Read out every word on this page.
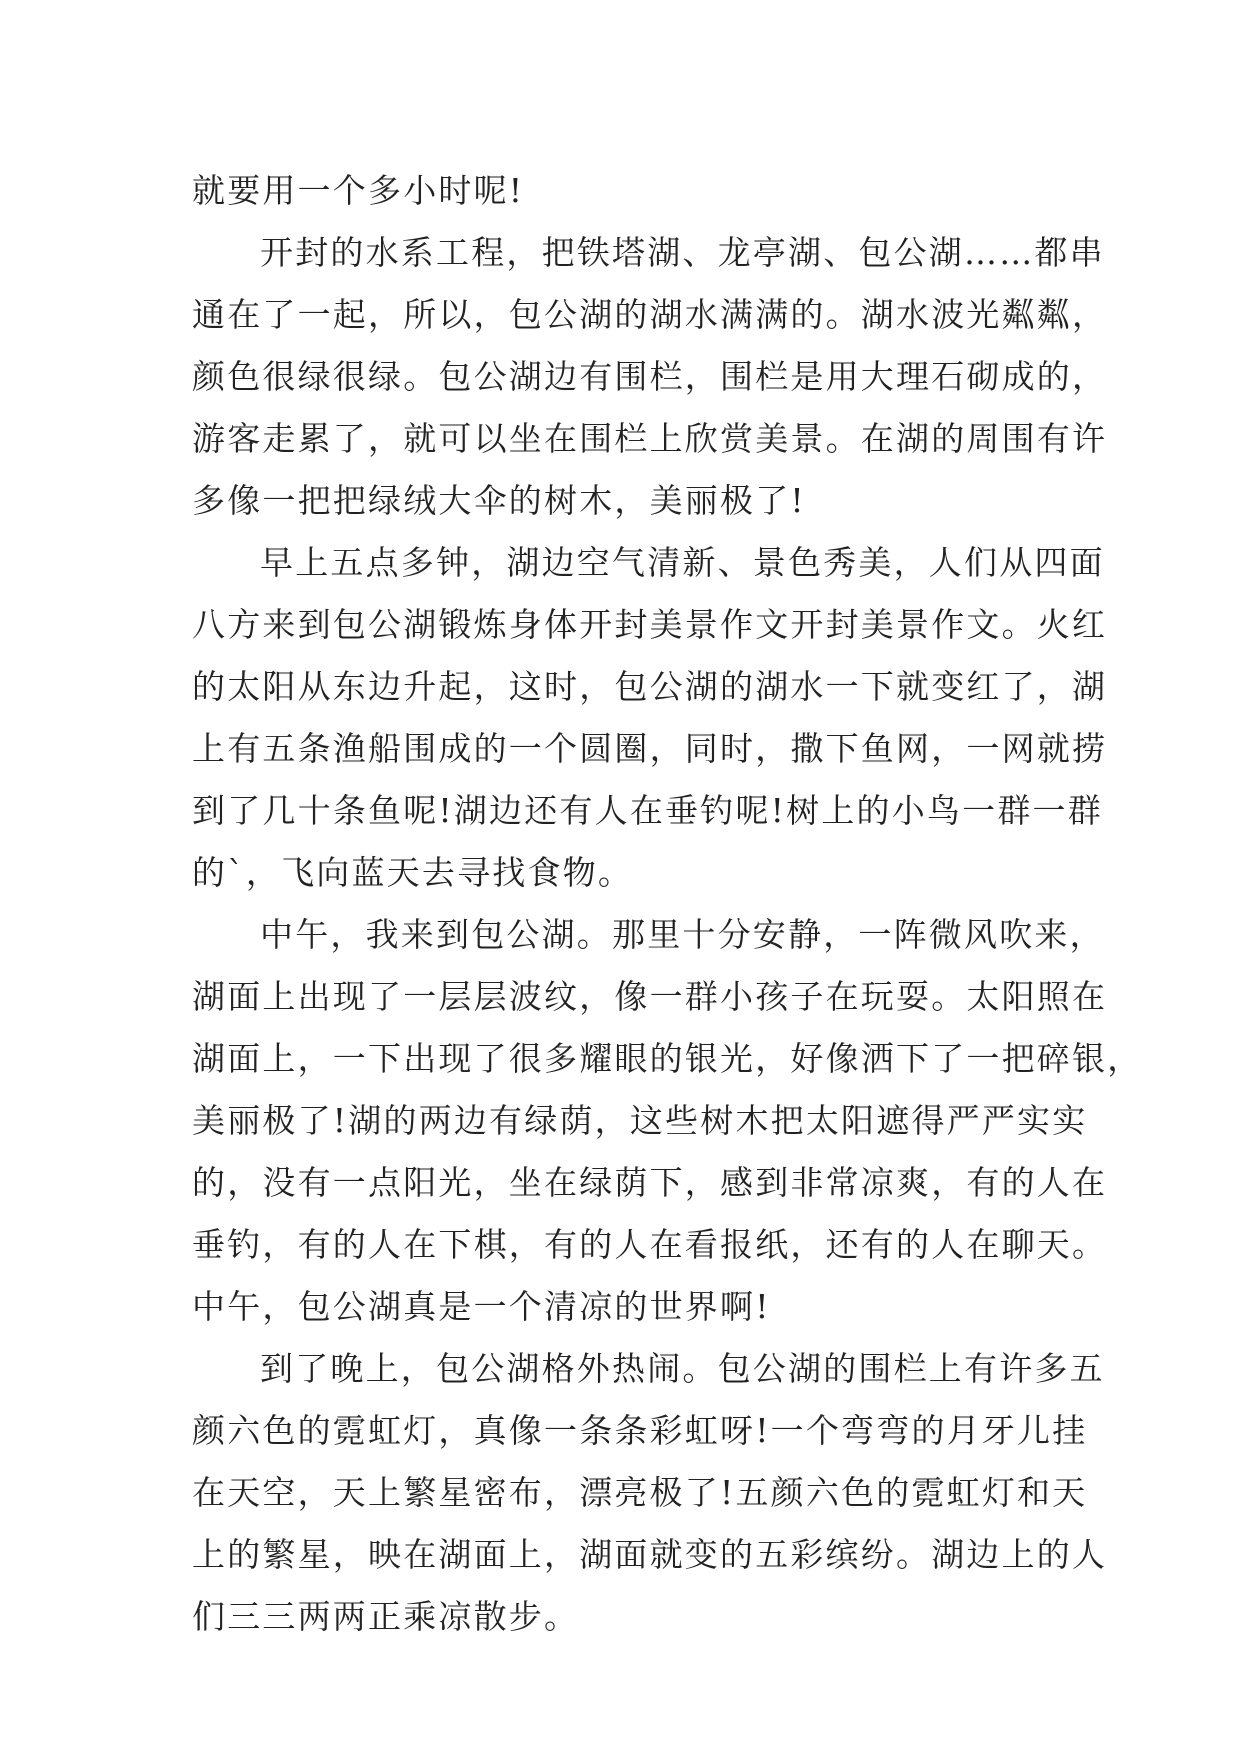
就要用一个多小时呢!
开封的水系工程，把铁塔湖、龙亭湖、包公湖……都串
通在了一起，所以，包公湖的湖水满满的。湖水波光粼粼，
颜色很绿很绿。包公湖边有围栏，围栏是用大理石砌成的，
游客走累了，就可以坐在围栏上欣赏美景。在湖的周围有许
多像一把把绿绒大伞的树木，美丽极了!
早上五点多钟，湖边空气清新、景色秀美，人们从四面
八方来到包公湖锻炼身体开封美景作文开封美景作文。火红
的太阳从东边升起，这时，包公湖的湖水一下就变红了，湖
上有五条渔船围成的一个圆圈，同时，撒下鱼网，一网就捞
到了几十条鱼呢!湖边还有人在垂钓呢!树上的小鸟一群一群
的`，飞向蓝天去寻找食物。
中午，我来到包公湖。那里十分安静，一阵微风吹来，
湖面上出现了一层层波纹，像一群小孩子在玩耍。太阳照在
湖面上，一下出现了很多耀眼的银光，好像洒下了一把碎银，
美丽极了!湖的两边有绿荫，这些树木把太阳遮得严严实实
的，没有一点阳光，坐在绿荫下，感到非常凉爽，有的人在
垂钓，有的人在下棋，有的人在看报纸，还有的人在聊天。
中午，包公湖真是一个清凉的世界啊!
到了晚上，包公湖格外热闹。包公湖的围栏上有许多五
颜六色的霓虹灯，真像一条条彩虹呀!一个弯弯的月牙儿挂
在天空，天上繁星密布，漂亮极了!五颜六色的霓虹灯和天
上的繁星，映在湖面上，湖面就变的五彩缤纷。湖边上的人
们三三两两正乘凉散步。
